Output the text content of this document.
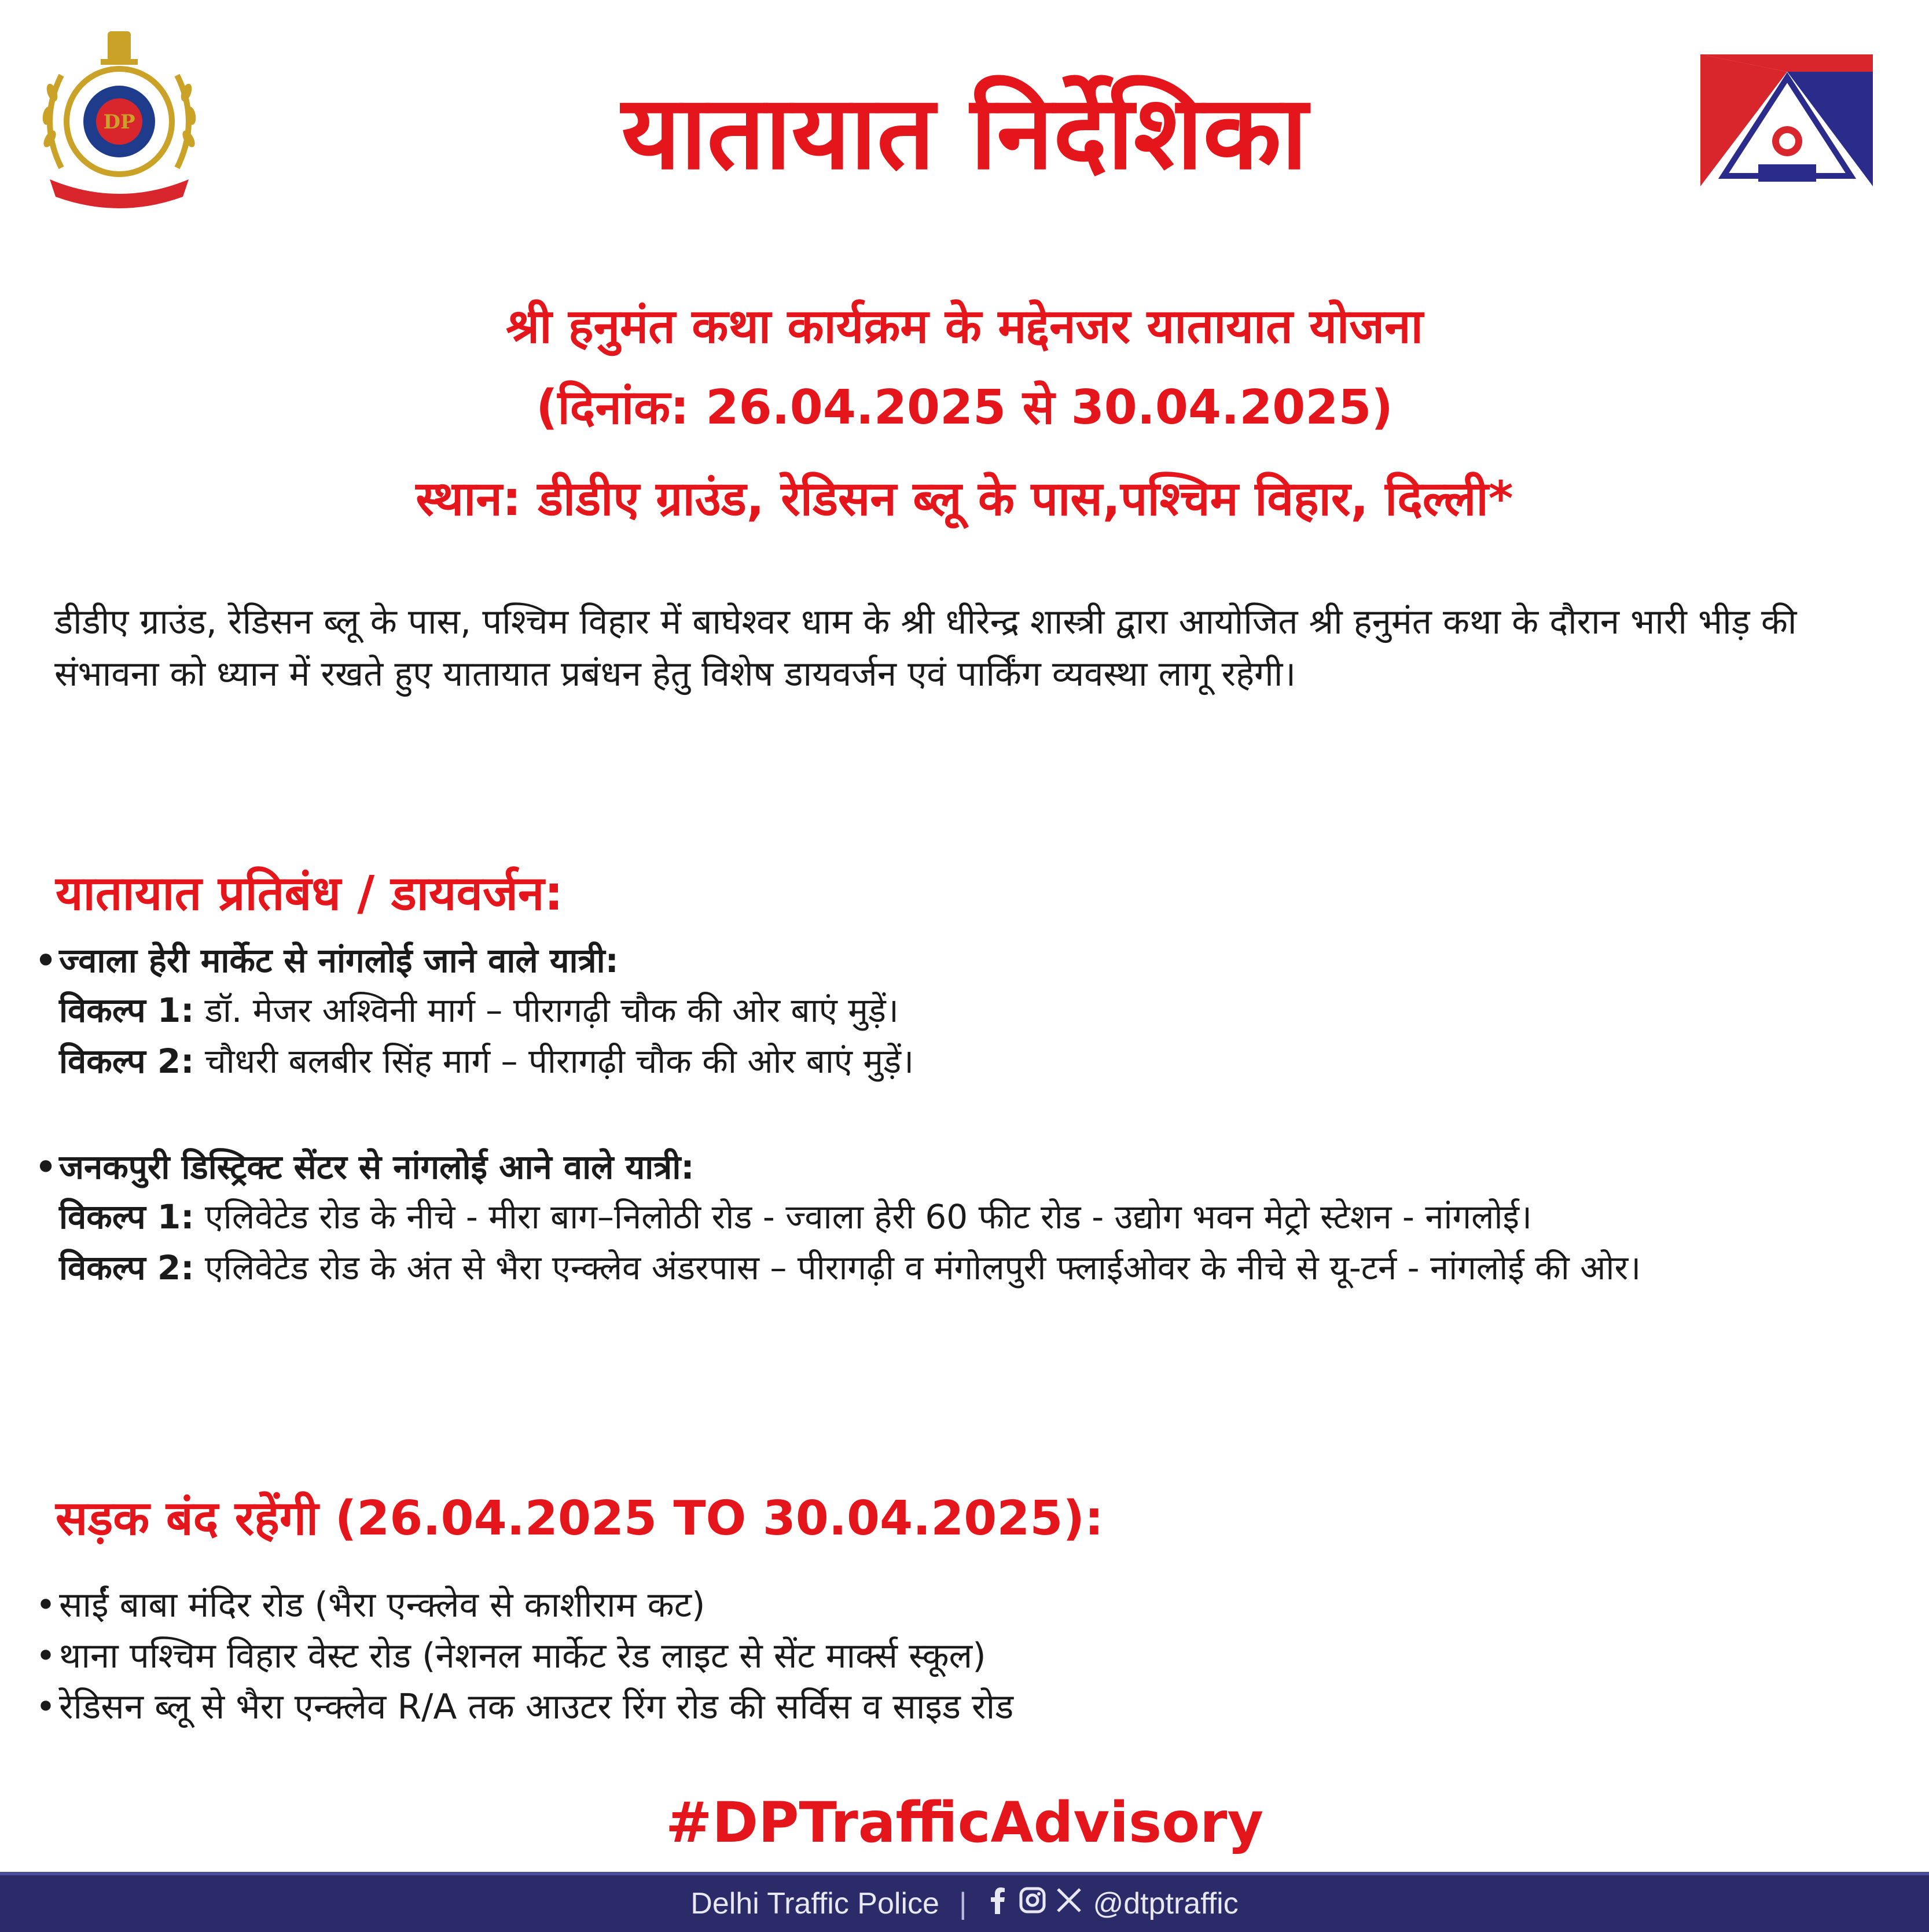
DP	यातायात निर्देशिका
श्री हनुमंत कथा कार्यक्रम के मद्देनजर यातायात योजना
(दिनांक: 26.04.2025 से 30.04.2025)
स्थान: डीडीए ग्राउंड, रेडिसन ब्लू के पास,पश्चिम विहार, दिल्ली*

डीडीए ग्राउंड, रेडिसन ब्लू के पास, पश्चिम विहार में बाघेश्वर धाम के श्री धीरेन्द्र शास्त्री द्वारा आयोजित श्री हनुमंत कथा के दौरान भारी भीड़ की संभावना को ध्यान में रखते हुए यातायात प्रबंधन हेतु विशेष डायवर्जन एवं पार्किंग व्यवस्था लागू रहेगी।

यातायात प्रतिबंध / डायवर्जन:
•ज्वाला हेरी मार्केट से नांगलोई जाने वाले यात्री:
विकल्प 1: डॉ. मेजर अश्विनी मार्ग – पीरागढ़ी चौक की ओर बाएं मुड़ें।
विकल्प 2: चौधरी बलबीर सिंह मार्ग – पीरागढ़ी चौक की ओर बाएं मुड़ें।
•जनकपुरी डिस्ट्रिक्ट सेंटर से नांगलोई आने वाले यात्री:
विकल्प 1: एलिवेटेड रोड के नीचे - मीरा बाग–निलोठी रोड - ज्वाला हेरी 60 फीट रोड - उद्योग भवन मेट्रो स्टेशन - नांगलोई।
विकल्प 2: एलिवेटेड रोड के अंत से भैरा एन्क्लेव अंडरपास – पीरागढ़ी व मंगोलपुरी फ्लाईओवर के नीचे से यू-टर्न - नांगलोई की ओर।
सड़क बंद रहेंगी (26.04.2025 TO 30.04.2025):
•साईं बाबा मंदिर रोड (भैरा एन्क्लेव से काशीराम कट)
•थाना पश्चिम विहार वेस्ट रोड (नेशनल मार्केट रेड लाइट से सेंट मार्क्स स्कूल)
•रेडिसन ब्लू से भैरा एन्क्लेव R/A तक आउटर रिंग रोड की सर्विस व साइड रोड
#DPTrafficAdvisory
Delhi Traffic Police |	@dtptraffic
